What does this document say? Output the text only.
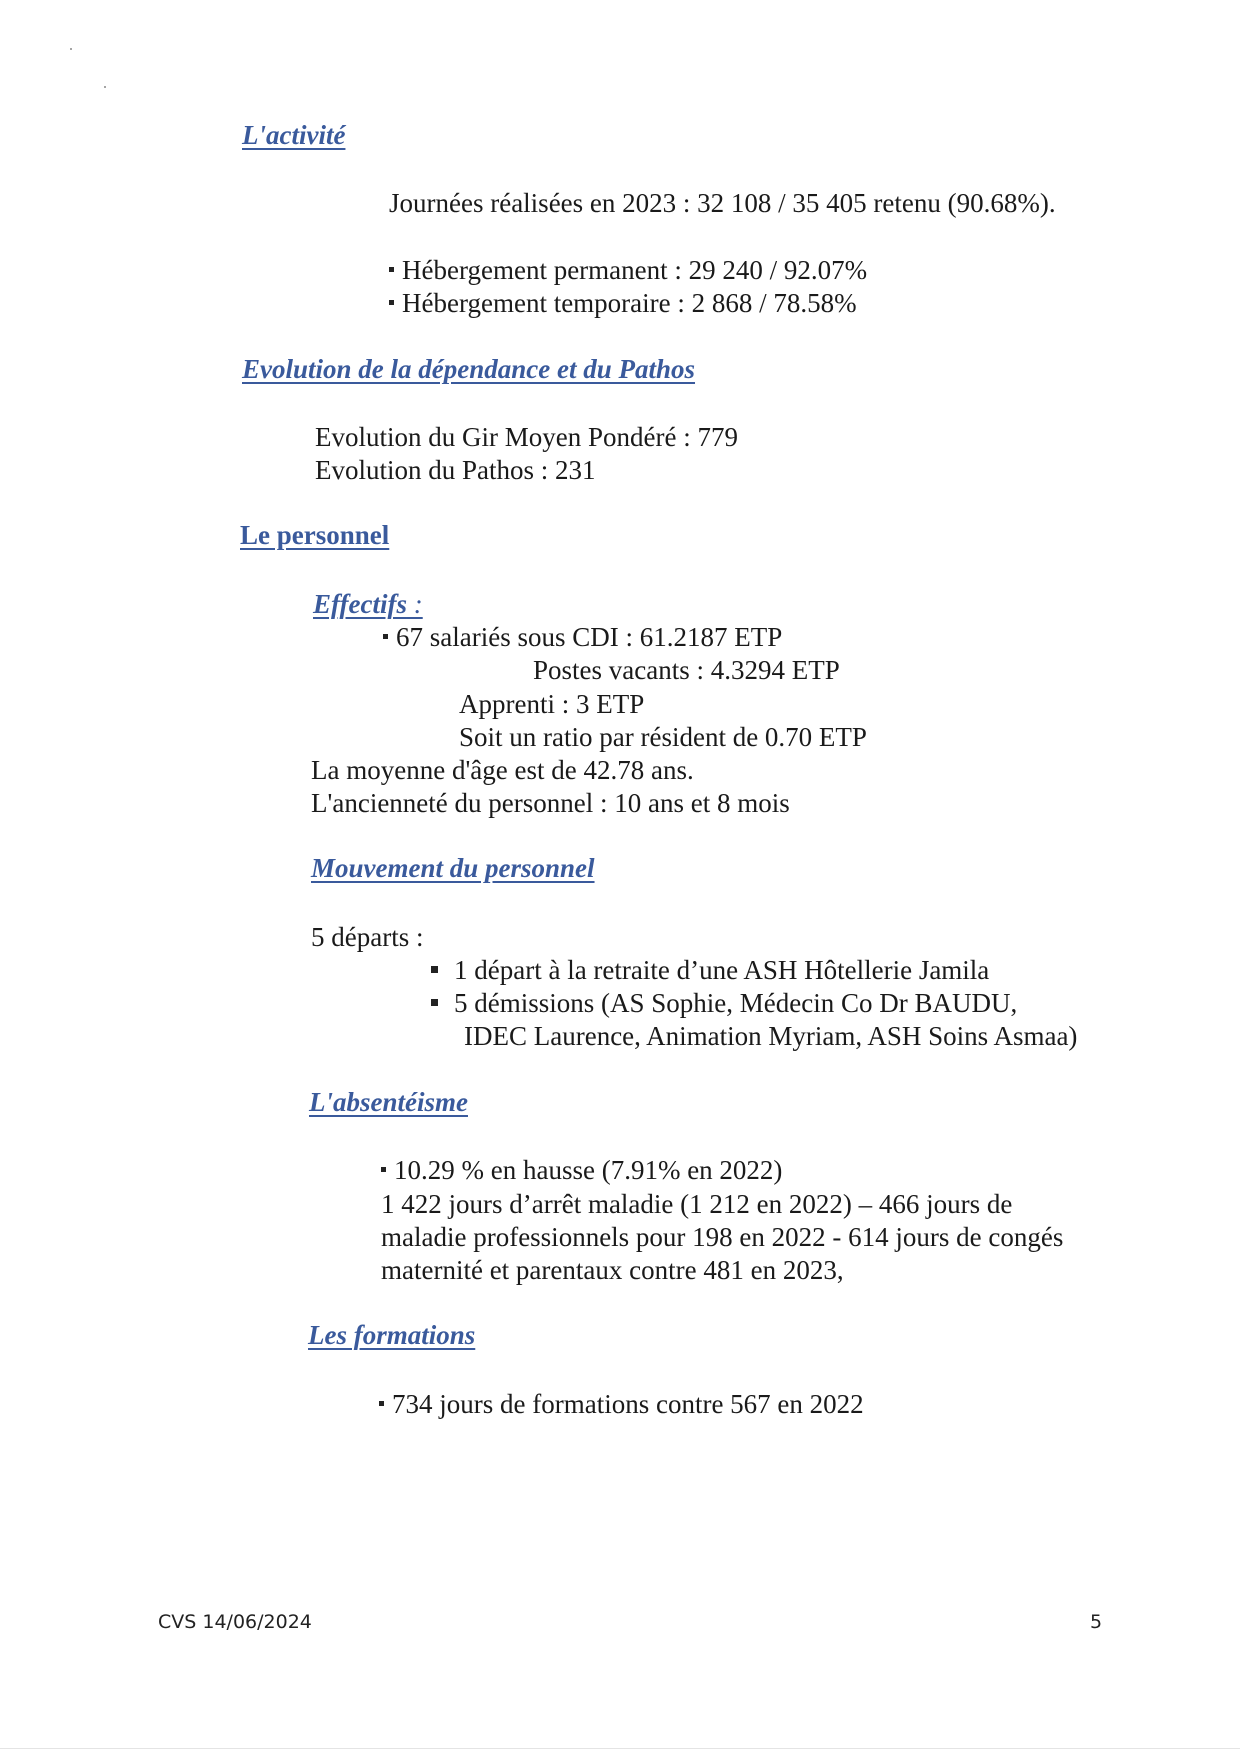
L'activité
Journées réalisées en 2023 : 32 108 / 35 405 retenu (90.68%).
Hébergement permanent : 29 240 / 92.07%
Hébergement temporaire : 2 868 / 78.58%
Evolution de la dépendance et du Pathos
Evolution du Gir Moyen Pondéré : 779
Evolution du Pathos : 231
Le personnel
Effectifs :
67 salariés sous CDI : 61.2187 ETP
Postes vacants : 4.3294 ETP
Apprenti : 3 ETP
Soit un ratio par résident de 0.70 ETP
La moyenne d'âge est de 42.78 ans.
L'ancienneté du personnel : 10 ans et 8 mois
Mouvement du personnel
5 départs :
1 départ à la retraite d’une ASH Hôtellerie Jamila
5 démissions (AS Sophie, Médecin Co Dr BAUDU,
IDEC Laurence, Animation Myriam, ASH Soins Asmaa)
L'absentéisme
10.29 % en hausse (7.91% en 2022)
1 422 jours d’arrêt maladie (1 212 en 2022) – 466 jours de
maladie professionnels pour 198 en 2022 - 614 jours de congés
maternité et parentaux contre 481 en 2023,
Les formations
734 jours de formations contre 567 en 2022
CVS 14/06/2024	5
